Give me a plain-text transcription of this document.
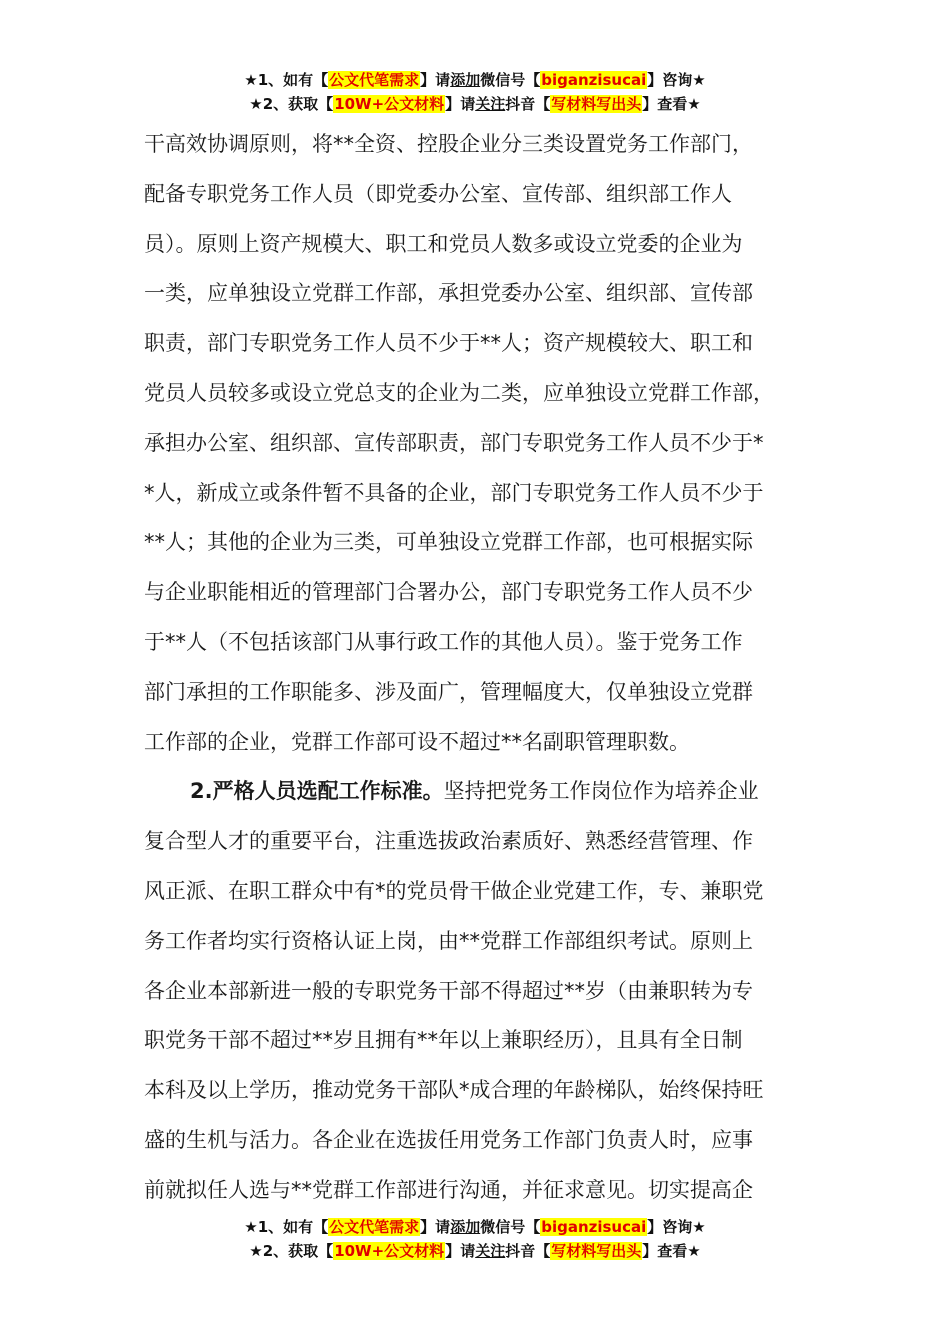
★1、如有【公文代笔需求】请添加微信号【biganzisucai】咨询★
★2、获取【10W+公文材料】请关注抖音【写材料写出头】查看★
干高效协调原则，将**全资、控股企业分三类设置党务工作部门，
配备专职党务工作人员（即党委办公室、宣传部、组织部工作人
员）。原则上资产规模大、职工和党员人数多或设立党委的企业为
一类，应单独设立党群工作部，承担党委办公室、组织部、宣传部
职责，部门专职党务工作人员不少于**人；资产规模较大、职工和
党员人员较多或设立党总支的企业为二类，应单独设立党群工作部，
承担办公室、组织部、宣传部职责，部门专职党务工作人员不少于*
*人，新成立或条件暂不具备的企业，部门专职党务工作人员不少于
**人；其他的企业为三类，可单独设立党群工作部，也可根据实际
与企业职能相近的管理部门合署办公，部门专职党务工作人员不少
于**人（不包括该部门从事行政工作的其他人员）。鉴于党务工作
部门承担的工作职能多、涉及面广，管理幅度大，仅单独设立党群
工作部的企业，党群工作部可设不超过**名副职管理职数。
2.严格人员选配工作标准。坚持把党务工作岗位作为培养企业
复合型人才的重要平台，注重选拔政治素质好、熟悉经营管理、作
风正派、在职工群众中有*的党员骨干做企业党建工作，专、兼职党
务工作者均实行资格认证上岗，由**党群工作部组织考试。原则上
各企业本部新进一般的专职党务干部不得超过**岁（由兼职转为专
职党务干部不超过**岁且拥有**年以上兼职经历），且具有全日制
本科及以上学历，推动党务干部队*成合理的年龄梯队，始终保持旺
盛的生机与活力。各企业在选拔任用党务工作部门负责人时，应事
前就拟任人选与**党群工作部进行沟通，并征求意见。切实提高企
★1、如有【公文代笔需求】请添加微信号【biganzisucai】咨询★
★2、获取【10W+公文材料】请关注抖音【写材料写出头】查看★
